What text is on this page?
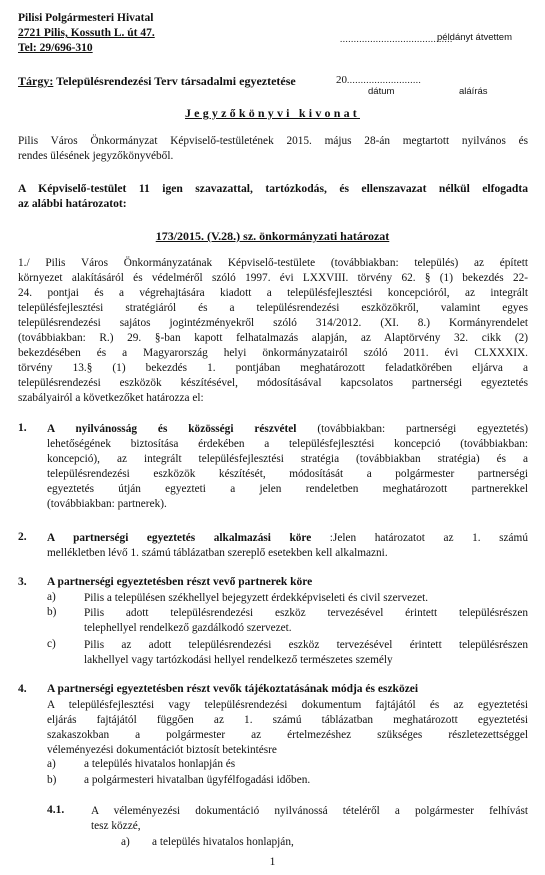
Pilisi Polgármesteri Hivatal
2721 Pilis, Kossuth L. út 47.
Tel: 29/696-310
.........................................
példányt átvettem
Tárgy: Településrendezési Terv társadalmi egyeztetése	20...........................
dátum	aláírás
Jegyzőkönyvi kivonat
Pilis Város Önkormányzat Képviselő-testületének 2015. május 28-án megtartott nyilvános és
rendes ülésének jegyzőkönyvéből.
A Képviselő-testület 11 igen szavazattal, tartózkodás, és ellenszavazat nélkül elfogadta
az alábbi határozatot:
173/2015. (V.28.) sz. önkormányzati határozat
1./ Pilis Város Önkormányzatának Képviselő-testülete (továbbiakban: település) az épített
környezet alakításáról és védelméről szóló 1997. évi LXXVIII. törvény 62. § (1) bekezdés 22-
24. pontjai és a végrehajtására kiadott a településfejlesztési koncepcióról, az integrált
településfejlesztési stratégiáról és a településrendezési eszközökről, valamint egyes
településrendezési sajátos jogintézményekről szóló 314/2012. (XI. 8.) Kormányrendelet
(továbbiakban: R.) 29. §-ban kapott felhatalmazás alapján, az Alaptörvény 32. cikk (2)
bekezdésében és a Magyarország helyi önkormányzatairól szóló 2011. évi CLXXXIX.
törvény 13.§ (1) bekezdés 1. pontjában meghatározott feladatkörében eljárva a
településrendezési eszközök készítésével, módosításával kapcsolatos partnerségi egyeztetés
szabályairól a következőket határozza el:
1. A nyilvánosság és közösségi részvétel (továbbiakban: partnerségi egyeztetés)
lehetőségének biztosítása érdekében a településfejlesztési koncepció (továbbiakban:
koncepció), az integrált településfejlesztési stratégia (továbbiakban stratégia) és a
településrendezési eszközök készítését, módosítását a polgármester partnerségi
egyeztetés útján egyezteti a jelen rendeletben meghatározott partnerekkel
(továbbiakban: partnerek).
2. A partnerségi egyeztetés alkalmazási köre :Jelen határozatot az 1. számú
mellékletben lévő 1. számú táblázatban szereplő esetekben kell alkalmazni.
3. A partnerségi egyeztetésben részt vevő partnerek köre
a) Pilis a településen székhellyel bejegyzett érdekképviseleti és civil szervezet.
b) Pilis adott településrendezési eszköz tervezésével érintett településrészen
telephellyel rendelkező gazdálkodó szervezet.
c) Pilis az adott településrendezési eszköz tervezésével érintett településrészen
lakhellyel vagy tartózkodási hellyel rendelkező természetes személy
4. A partnerségi egyeztetésben részt vevők tájékoztatásának módja és eszközei
A településfejlesztési vagy településrendezési dokumentum fajtájától és az egyeztetési
eljárás fajtájától függően az 1. számú táblázatban meghatározott egyeztetési
szakaszokban a polgármester az értelmezéshez szükséges részletezettséggel
véleményezési dokumentációt biztosít betekintésre
a) a település hivatalos honlapján és
b) a polgármesteri hivatalban ügyfélfogadási időben.
4.1. A véleményezési dokumentáció nyilvánossá tételéről a polgármester felhívást
tesz közzé,
a) a település hivatalos honlapján,
1
